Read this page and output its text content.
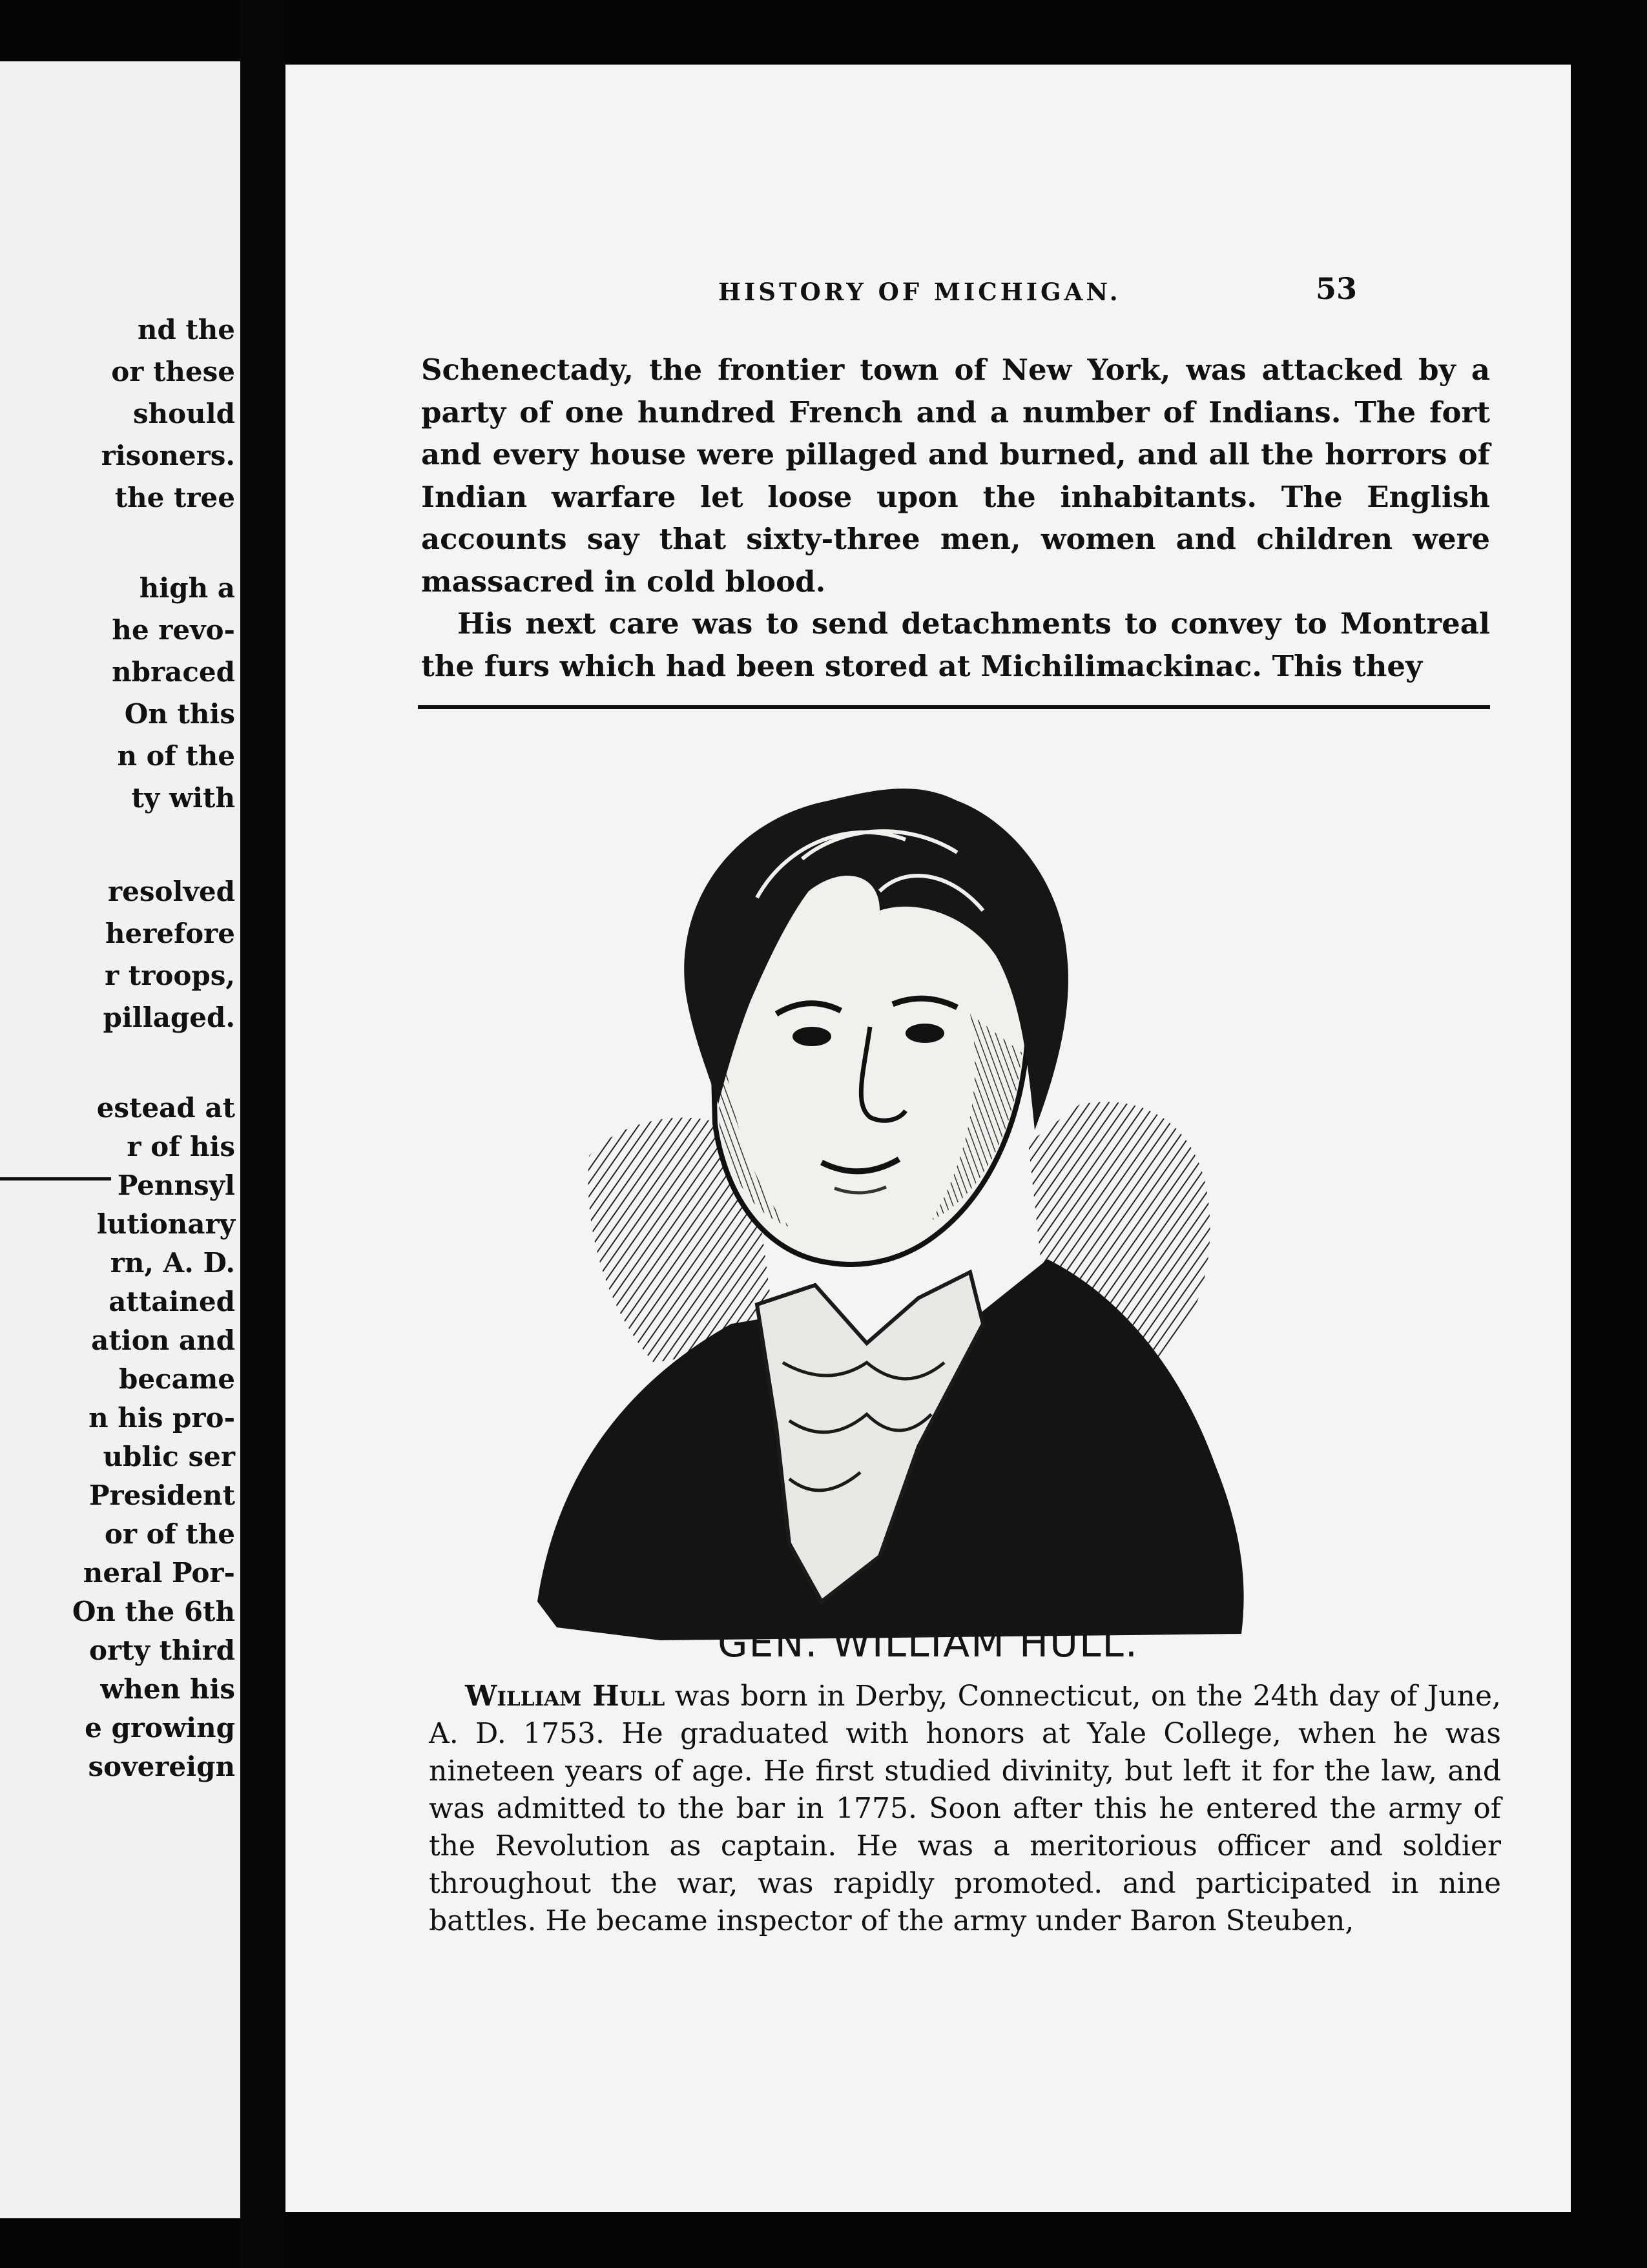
nd the
or these
should
risoners.
the tree
high a
he revo-
nbraced
On this
n of the
ty with
resolved
herefore
r troops,
pillaged.
estead at
r of his
Pennsyl
lutionary
rn, A. D.
attained
ation and
became
n his pro-
ublic ser
President
or of the
neral Por-
On the 6th
orty third
when his
e growing
sovereign
HISTORY OF MICHIGAN.	53

Schenectady, the frontier town of New York, was attacked by a party of one hundred French and a number of Indians. The fort and every house were pillaged and burned, and all the horrors of Indian warfare let loose upon the inhabitants. The English accounts say that sixty-three men, women and children were massacred in cold blood.

His next care was to send detachments to convey to Montreal the furs which had been stored at Michilimackinac. This they

GEN. WILLIAM HULL.

William Hull was born in Derby, Connecticut, on the 24th day of June, A. D. 1753. He graduated with honors at Yale College, when he was nineteen years of age. He first studied divinity, but left it for the law, and was admitted to the bar in 1775. Soon after this he entered the army of the Revolution as captain. He was a meritorious officer and soldier throughout the war, was rapidly promoted. and participated in nine battles. He became inspector of the army under Baron Steuben,
